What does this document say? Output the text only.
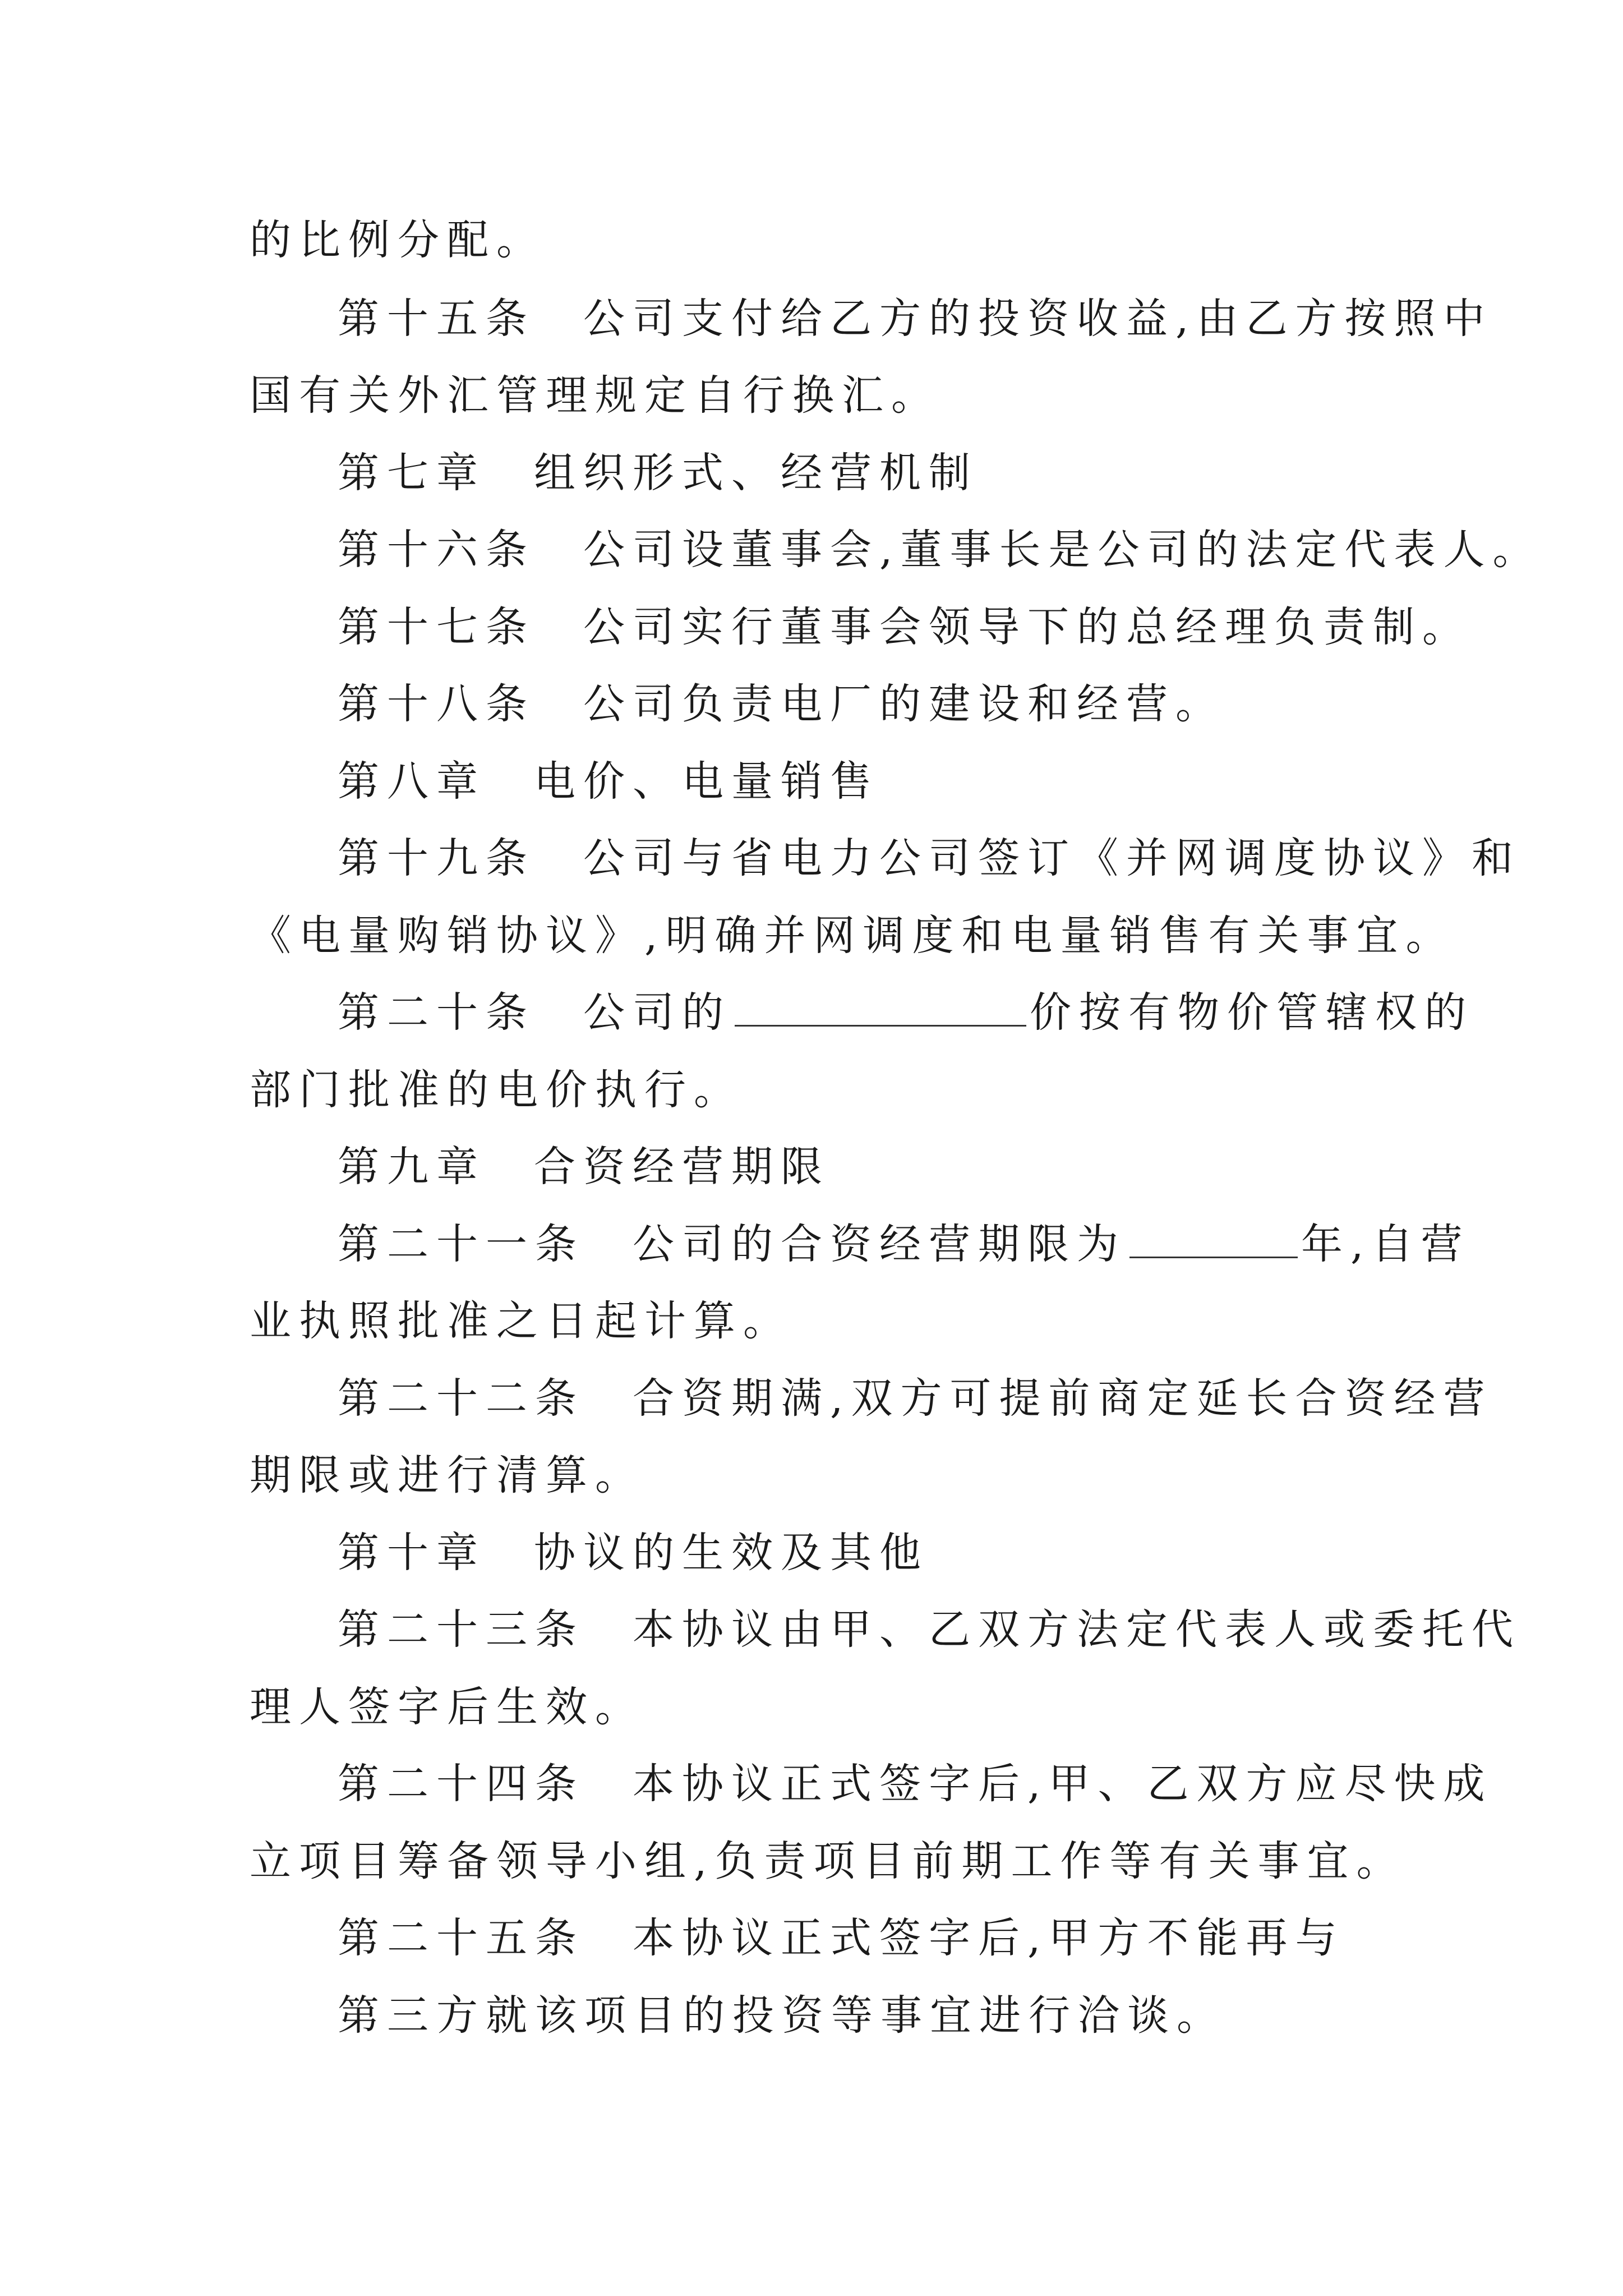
的比例分配。
第十五条 公司支付给乙方的投资收益,由乙方按照中
国有关外汇管理规定自行换汇。
第七章 组织形式、经营机制
第十六条 公司设董事会,董事长是公司的法定代表人。
第十七条 公司实行董事会领导下的总经理负责制。
第十八条 公司负责电厂的建设和经营。
第八章 电价、电量销售
第十九条 公司与省电力公司签订《并网调度协议》和
《电量购销协议》,明确并网调度和电量销售有关事宜。
第二十条 公司的	价按有物价管辖权的
部门批准的电价执行。
第九章 合资经营期限
第二十一条 公司的合资经营期限为	年,自营
业执照批准之日起计算。
第二十二条 合资期满,双方可提前商定延长合资经营
期限或进行清算。
第十章 协议的生效及其他
第二十三条 本协议由甲、乙双方法定代表人或委托代
理人签字后生效。
第二十四条 本协议正式签字后,甲、乙双方应尽快成
立项目筹备领导小组,负责项目前期工作等有关事宜。
第二十五条 本协议正式签字后,甲方不能再与
第三方就该项目的投资等事宜进行洽谈。
